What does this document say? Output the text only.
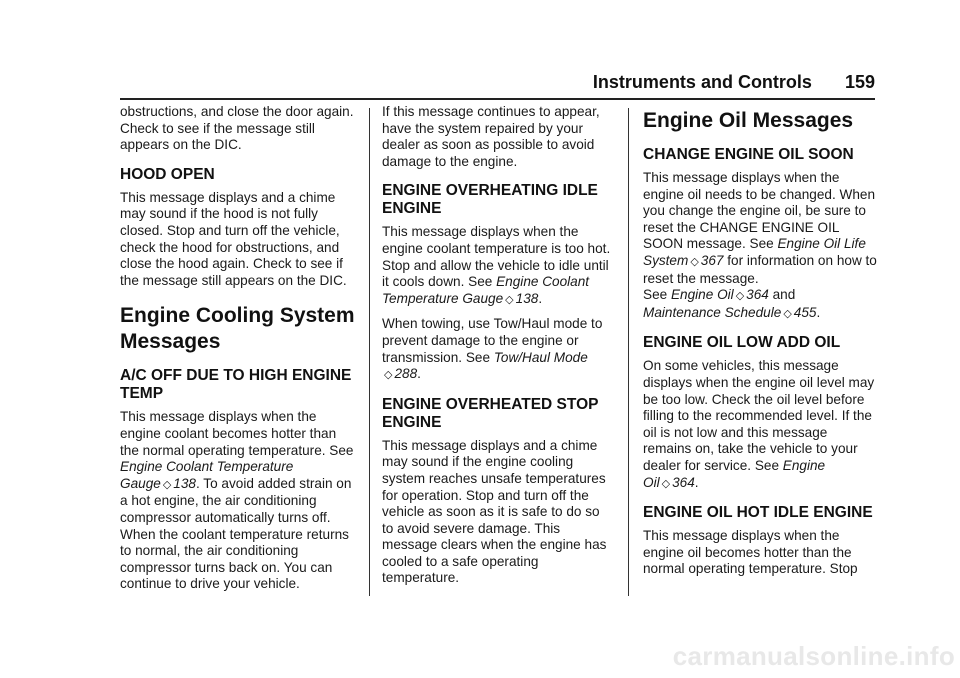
Instruments and Controls 159

obstructions, and close the door again. Check to see if the message still appears on the DIC.

HOOD OPEN

This message displays and a chime may sound if the hood is not fully closed. Stop and turn off the vehicle, check the hood for obstructions, and close the hood again. Check to see if the message still appears on the DIC.

Engine Cooling System Messages
A/C OFF DUE TO HIGH ENGINE TEMP

This message displays when the engine coolant becomes hotter than the normal operating temperature. See Engine Coolant Temperature Gauge ◇ 138. To avoid added strain on a hot engine, the air conditioning compressor automatically turns off. When the coolant temperature returns to normal, the air conditioning compressor turns back on. You can continue to drive your vehicle.

If this message continues to appear, have the system repaired by your dealer as soon as possible to avoid damage to the engine.

ENGINE OVERHEATING IDLE ENGINE

This message displays when the engine coolant temperature is too hot. Stop and allow the vehicle to idle until it cools down. See Engine Coolant Temperature Gauge ◇ 138.

When towing, use Tow/Haul mode to prevent damage to the engine or transmission. See Tow/Haul Mode
◇ 288.

ENGINE OVERHEATED STOP ENGINE

This message displays and a chime may sound if the engine cooling system reaches unsafe temperatures for operation. Stop and turn off the vehicle as soon as it is safe to do so to avoid severe damage. This message clears when the engine has cooled to a safe operating temperature.

Engine Oil Messages
CHANGE ENGINE OIL SOON

This message displays when the engine oil needs to be changed. When you change the engine oil, be sure to reset the CHANGE ENGINE OIL SOON message. See Engine Oil Life System ◇ 367 for information on how to reset the message.
See Engine Oil ◇ 364 and
Maintenance Schedule ◇ 455.

ENGINE OIL LOW ADD OIL

On some vehicles, this message displays when the engine oil level may be too low. Check the oil level before filling to the recommended level. If the oil is not low and this message remains on, take the vehicle to your dealer for service. See Engine Oil ◇ 364.

ENGINE OIL HOT IDLE ENGINE

This message displays when the engine oil becomes hotter than the normal operating temperature. Stop

carmanualsonline.info
